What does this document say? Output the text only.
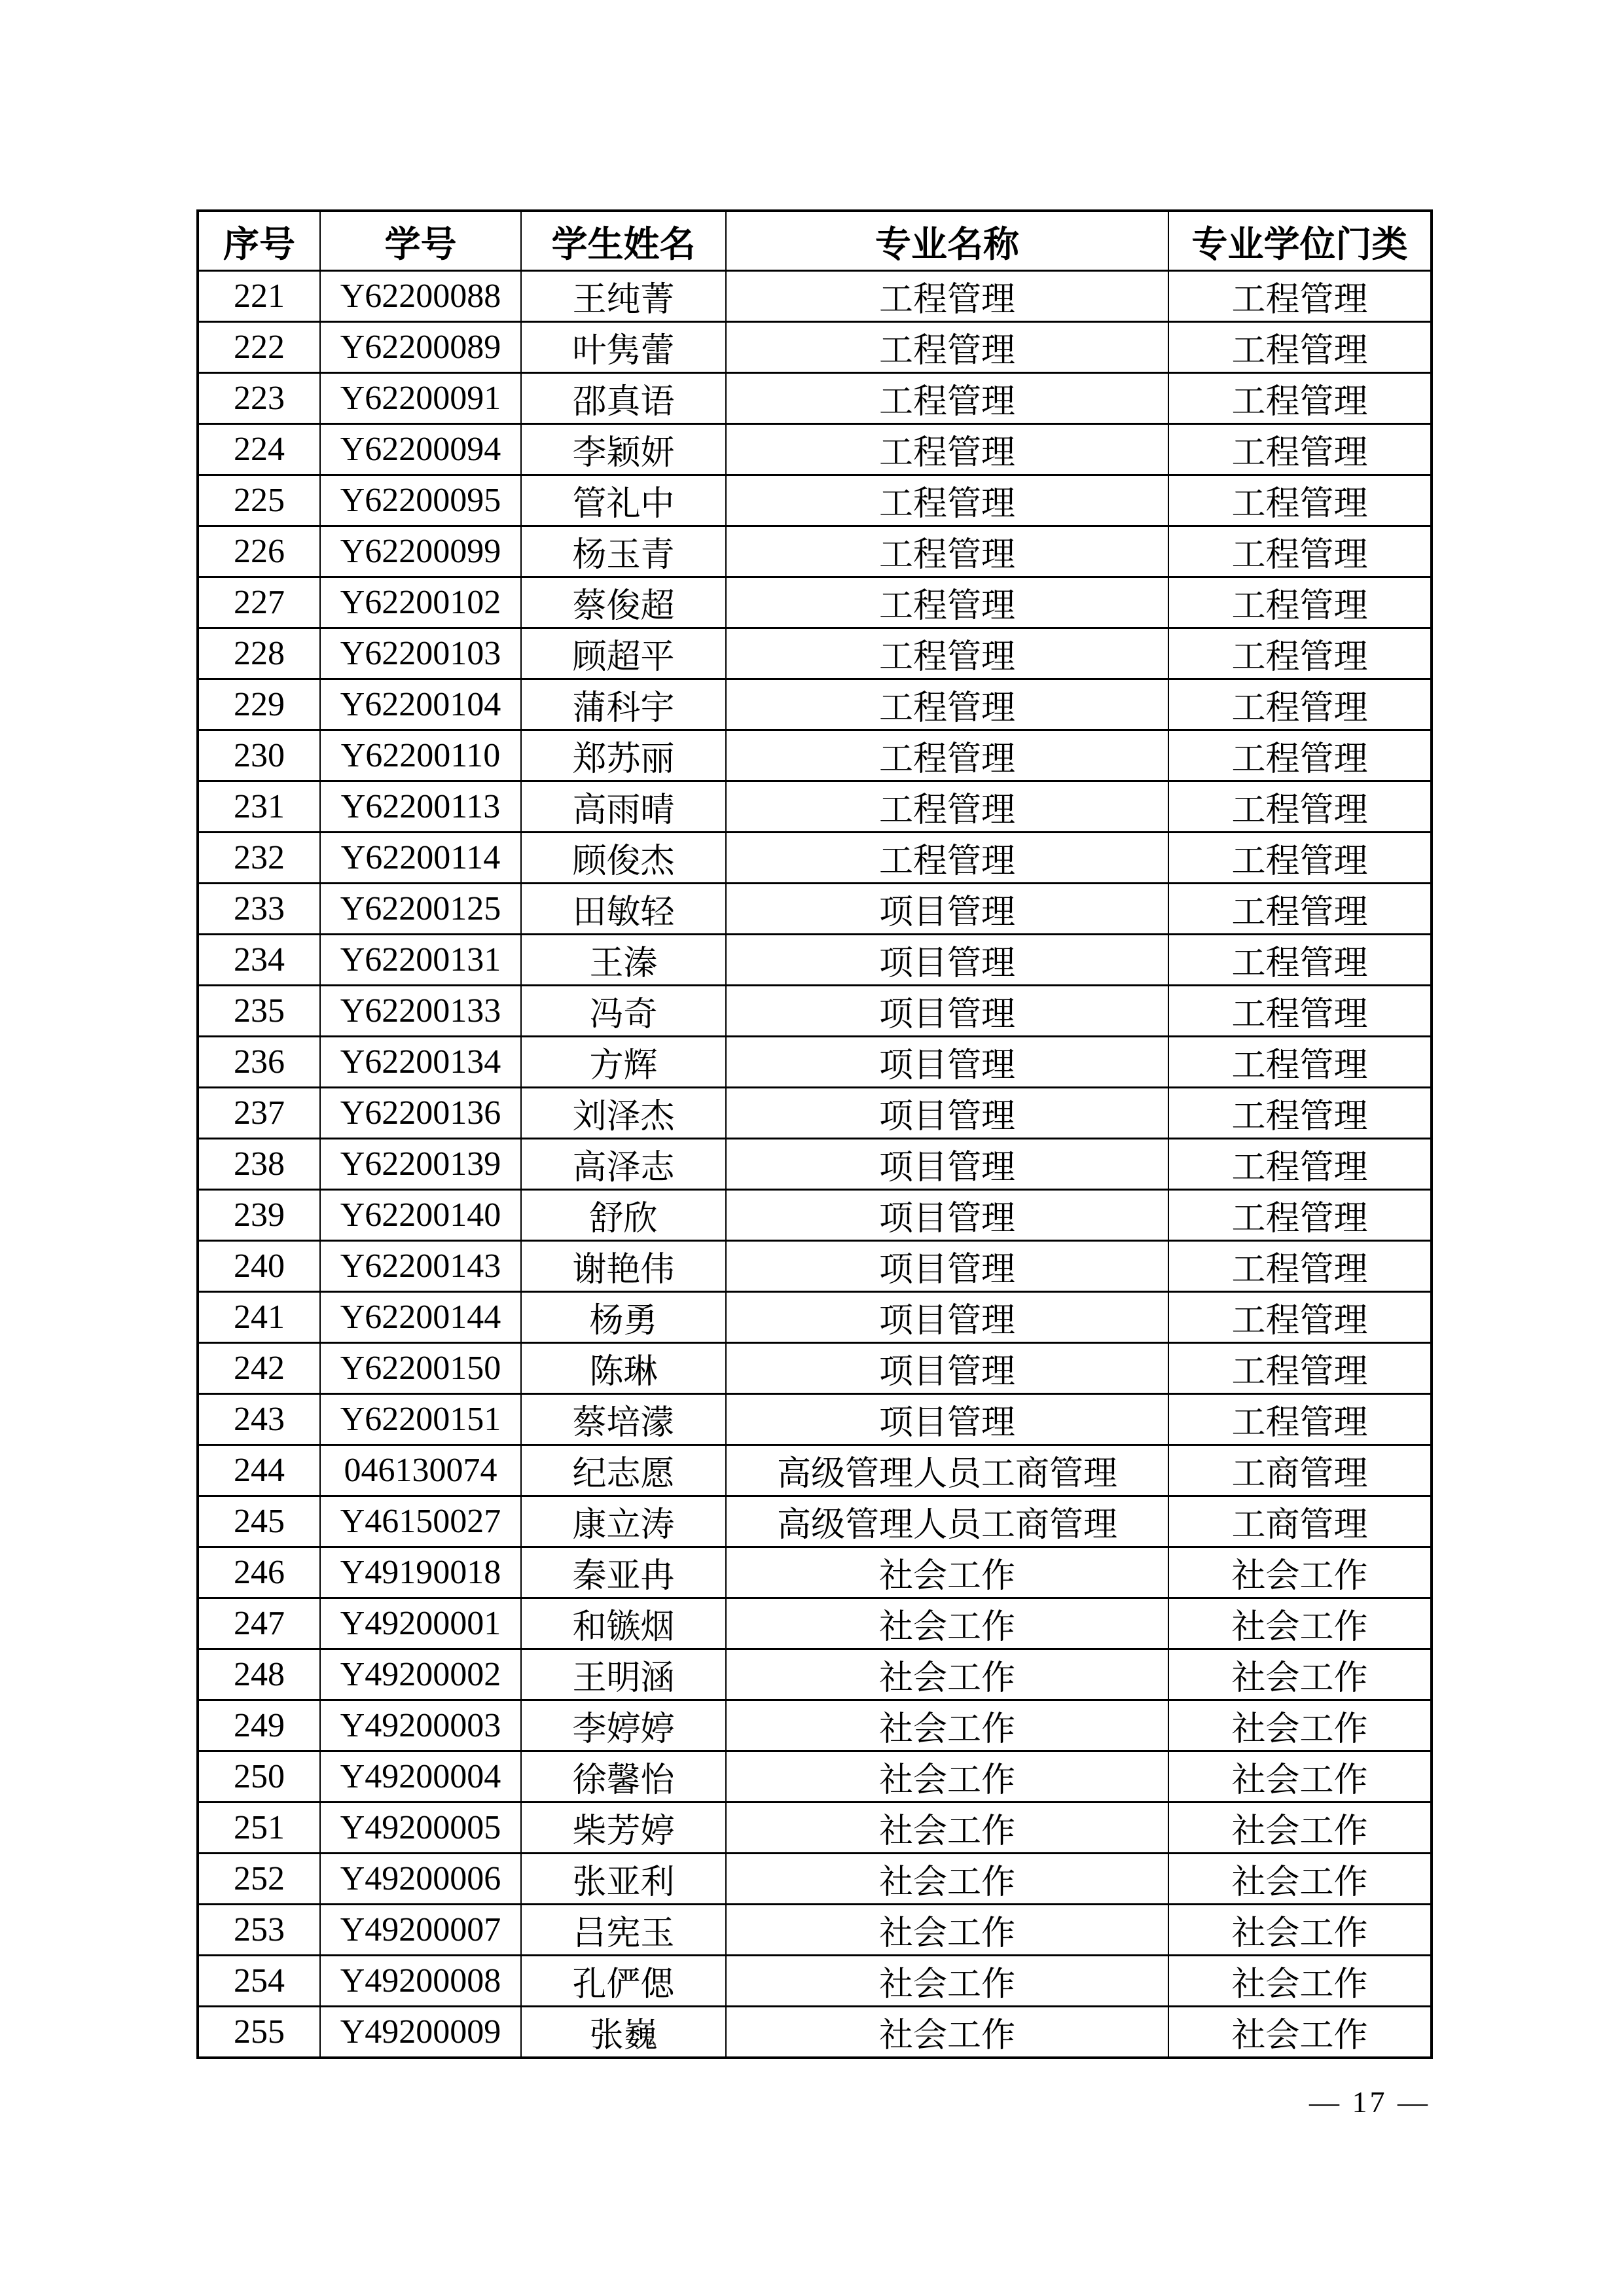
序号	学号	学生姓名	专业名称	专业学位门类
221	Y62200088	王纯菁	工程管理	工程管理
222	Y62200089	叶隽蕾	工程管理	工程管理
223	Y62200091	邵真语	工程管理	工程管理
224	Y62200094	李颖妍	工程管理	工程管理
225	Y62200095	管礼中	工程管理	工程管理
226	Y62200099	杨玉青	工程管理	工程管理
227	Y62200102	蔡俊超	工程管理	工程管理
228	Y62200103	顾超平	工程管理	工程管理
229	Y62200104	蒲科宇	工程管理	工程管理
230	Y62200110	郑苏丽	工程管理	工程管理
231	Y62200113	高雨晴	工程管理	工程管理
232	Y62200114	顾俊杰	工程管理	工程管理
233	Y62200125	田敏轻	项目管理	工程管理
234	Y62200131	王溱	项目管理	工程管理
235	Y62200133	冯奇	项目管理	工程管理
236	Y62200134	方辉	项目管理	工程管理
237	Y62200136	刘泽杰	项目管理	工程管理
238	Y62200139	高泽志	项目管理	工程管理
239	Y62200140	舒欣	项目管理	工程管理
240	Y62200143	谢艳伟	项目管理	工程管理
241	Y62200144	杨勇	项目管理	工程管理
242	Y62200150	陈琳	项目管理	工程管理
243	Y62200151	蔡培濛	项目管理	工程管理
244	046130074	纪志愿	高级管理人员工商管理	工商管理
245	Y46150027	康立涛	高级管理人员工商管理	工商管理
246	Y49190018	秦亚冉	社会工作	社会工作
247	Y49200001	和镞烟	社会工作	社会工作
248	Y49200002	王明涵	社会工作	社会工作
249	Y49200003	李婷婷	社会工作	社会工作
250	Y49200004	徐馨怡	社会工作	社会工作
251	Y49200005	柴芳婷	社会工作	社会工作
252	Y49200006	张亚利	社会工作	社会工作
253	Y49200007	吕宪玉	社会工作	社会工作
254	Y49200008	孔俨偲	社会工作	社会工作
255	Y49200009	张巍	社会工作	社会工作
— 17 —
